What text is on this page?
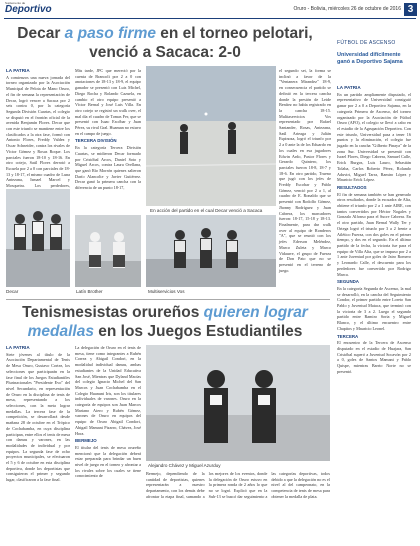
Suplemento de
Deportivo	Oruro - Bolivia, miércoles 26 de octubre de 2016 3
Decar a paso firme en el torneo pelotari, venció a Sacaca: 2-0
LA PATRIA
A comienzos una nueva jornada del torneo organizado por la Asociación Municipal de Pelota de Mano Oruro, el fin de semana la representación de Decar, logró vencer a Sacaca por 2 sets contra 0, por la categoría Segunda División Cuartas, el colegio se disputó en el frontón oficial de la avenida Benjamín Flores. Decar que con este triunfo se mantiene entre los clasificados a la otra fase, formó con Antonio Flores, Freddy Valdez y Oscar Schneider, contra los rivales de Víctor Gómez y Rosas Roque. Los parciales fueron 18-10 y 18-16. En otro cotejo, Saúl Flores derrotó a Escuela por 2 a 0 con parciales de 18-13 y 18-17, el mismo cuadro de Luna Antezana, Ismael Marcel y Mosqueira. Los perdedores,
Decar
Más tarde, JPC que mereció por la cuenta de Brancoli por 2 a 0 con anotaciones de 18-13 y 18-9, el equipo ganador se presentó con Luis Michel, Diego Rocha y Rolando Cazuela, en cambio el otro equipo presentó a Víctor Bernal y José Luis Villa. En otro cotejo se registró un walk over, el mal día el cuadro de Tomas Fer, que se presentó con Isaac Escóbar y Juan Pérez, su rival Gral. Huaman no estuvo en el campo de juego.
TERCERA DIVISIÓN
En la categoría Tercera División Cuartas, se midieron Decar formado por Cristóbal Arcos, Daniel Soto y Miguel Arcos, contra Laura Orellana, que ganó Río Morrón quienes salieron Darío Alancolte y Javier Gutiérrez. Decar ganó la primera cancha con la diferencia de un punto 18-17,
En acción del partido en el cual Decar venció a Sacaca
el segundo set, la forma se inclinó a favor de la "Ventanera Mirandez" 18-9, en consecuencia el partido se definió en la tercera cancha donde la presión de Leide Benítez no había registrado en la cancha 18-15. Mulitaservicios Vos representado por Rafael Santander, Rosas, Antezana, Saúl Arteaga y Julián Espinoza, logró el triunfo por 2 a 0 ante la de los Eduardo en los cuales en esa jugadores Edwin Ardo, Pastor Flores y Gerardo Quintero, los parciales fueron 18-8, 18-7 y 18-6. En otro partido, Trueno que jugó con los jefes de Freddy Escobar y Pablo Gómez, venció por 2 a 1, al cuadro de E. Ronaldo que se presentó con Rodolfo Gómez, Jhonny Rodríguez y Juan Cabrera, los marcadores fueron: 18-17, 15-18 y 18-13. Finalmente, para dar walk over al equipo de Ronderos "A", que se reunió con los jefes Ederson Meléndez, Marco Zuleta y Marco Vidaurre, el grupo de Fuerza de Don Pato que no se presentó en el terreno de juego.
Latín Brother	Multiservicios Vos
Tenismesistas orureños quieren lograr medallas en los Juegos Estudiantiles
LA PATRIA
Siete jóvenes al título de la Asociación Departamental de Tenis de Mesa Oruro, Gustavo Cortez, los selecciones que participarán en la fase final de los Juegos Estudiantiles Plurinacionales "Presidente Evo" del nivel Secundario, en representación de Oruro en la disciplina de tenis de mesa, representando a los selecciones, con la meta lograr medallas. La tercera fase de la competición, se desarrollará desde mañana 28 de octubre en el Trópico de Cochabamba, en cuya disciplina participan, entre ellos el tenis de mesa con damas y varones, en las modalidades de individual y por equipos. La segunda fase de ocho proyectos municipales, se efectuaron el 5 y 6 de octubre en esta disciplina deportiva, donde los deportistas que consiguieron el primer y segundo lugar, clasificaron a la fase final.
La delegación de Oruro en el tenis de mesa, tiene como integrantes a Rubén Correa y Abigail Condori, en la modalidad individual damas, ambas estudiantes de la Unidad Educativa San José, Mientras que Dyland Macías del colegio Ignacio Michel del San Marcos y Juan Cochabamba en el Colegio Huanuni Iris, son los titulares individuales de varones. Oruro en la categoría de equipos son Juan Marcos Mariano Aiero y Rubén Gómez, varones de Oruro en equipos del equipo de Oruro Abigail Condori, Abigail Mamani Pizarro, Chávez, José Hora.
BERMEJO
El titular del tenis de mesa orureño mencionó que la delegación deberá estar preparada para brindar un buen nivel de juego en el torneo y afrontar a los rivales sobre los cuales se tiene conocimiento de
Alejandro Chávez y Miguel Azurduy
Bermejo, dependiendo de la cantidad de deportistas, quienes representarán a nuestro departamento, con los demás debe afrontar la etapa final, sumando a los mejores de los eventos, donde la delegación de Oruro estuvo en la primera ronda de 2 años lo que no se logró. Explicó que en la Sub-13 se buscó dar seguimiento a las categorías deportivas, todos debido a que la delegación no es el nivel al del campeonato, en la competencia de tenis de mesa para obtener la medalla de plata.
FÚTBOL DE ASCENSO
Universidad difícilmente ganó a Deportivo Sajama
LA PATRIA
En un partido ampliamente disputado, el representativo de Universidad consiguió ganar por 2 a 0 a Deportivo Sajama, en la categoría Primera de Ascenso, del torneo organizado por la Asociación de Fútbol Oruro (AFO), el colegio se llevó a cabo en el estadio de la Agrupación Deportiva. Con este triunfo, Universidad pasa a tener 16 puntos y la eliminación, el colegio fue jugado en la cancha "Gilberto Pinaya" de la zona Sur. Universidad se presentó con Israel Flores, Diego Cabrera, Samuel Calle, Erick Burgos, Luis Lauro, Sebastián Tolaba, Carlos Roberto Pérez, Rolando Aduviri, Miguel Tarra, Ramiro López y Mauricio Erick López.
RESULTADOS
El fin de semana también se han generado otros resultados, donde la escuadra de Alta, obtiene el triunfo por 2 a 1 ante AIRE, con tantos convertidos por Héctor Nogales y Gonzalo Alfonso para el Sucre Cabrera. En el otro partido, Juan Bernal Wally Ter y Ortega logró el triunfo por 3 a 2 frente a Atlético Fuerza, con dos goles en el primer tiempo, y dos en el segundo. En el último partido de la fecha, la victoria fue para el equipo de Villa Alta, que se impuso por 2 a 1 ante Juventud por goles de Jairo Romero y Leonardo Calle, el descuento para los perdedores fue convertido por Rodrigo Marca.
SEGUNDA
En la categoría Segunda de Ascenso, la mal se desarrolló, en la cancha del Seguimiento Condor, el primer partido entre Loreto San Pablo y Juventud Mataca, que terminó con la victoria de 3 a 2. Luego el segundo partido entre Ramiro Soria y Miguel Blanco, y el último encuentro entre Chapitos y Mauricio Leonel.
TERCERA
El encuentro de la Tercera de Ascenso disputado en el estadio de Huajara, San Cristóbal superó a Juventud Socavón por 2 a 0, goles de Santos Mamani y Pablo Quispe, mientras Barrio Norte no se presentó.
